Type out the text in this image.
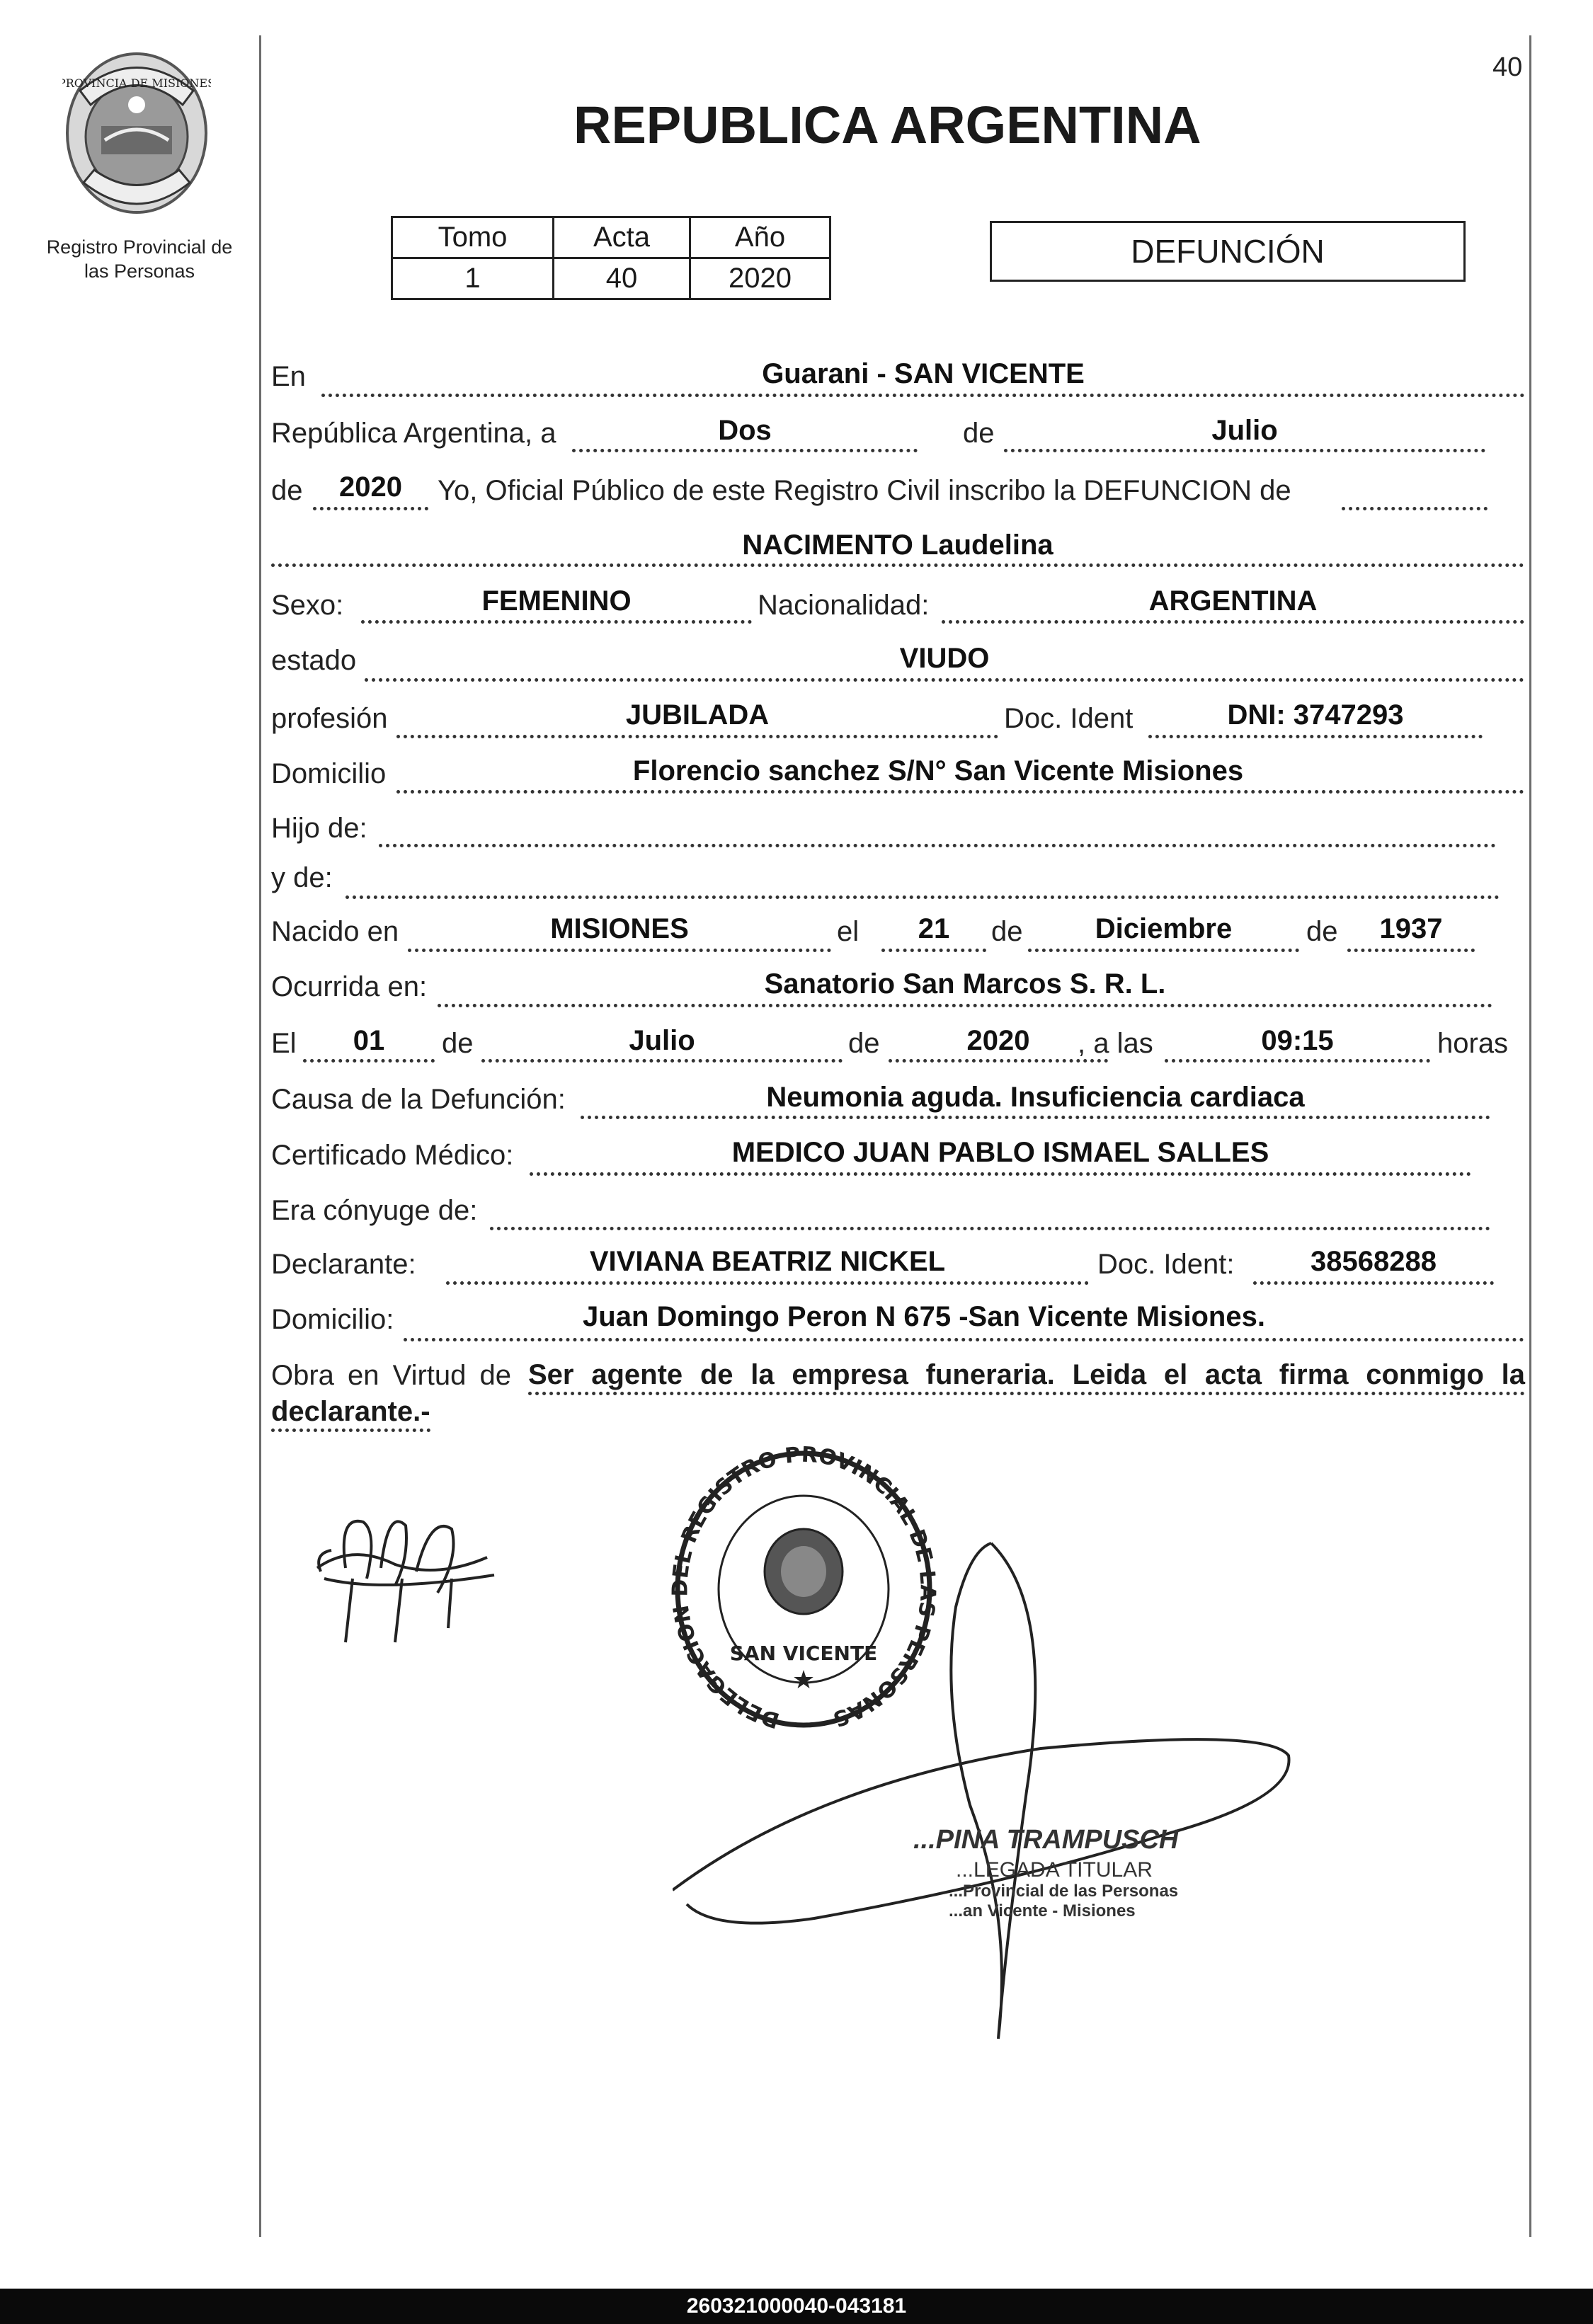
40
PROVINCIA DE MISIONES
Registro Provincial de
las Personas
REPUBLICA ARGENTINA
Tomo	Acta	Año
1	40	2020
DEFUNCIÓN
En	Guarani - SAN VICENTE
República Argentina, a	Dos	de	Julio
de	2020	Yo, Oficial Público de este Registro Civil inscribo la DEFUNCION de
NACIMENTO Laudelina
Sexo:	FEMENINO	Nacionalidad:	ARGENTINA
estado	VIUDO
profesión	JUBILADA	Doc. Ident	DNI: 3747293
Domicilio	Florencio sanchez S/N° San Vicente Misiones
Hijo de:
y de:
Nacido en	MISIONES	el	21	de	Diciembre	de	1937
Ocurrida en:	Sanatorio San Marcos S. R. L.
El	01	de	Julio	de	2020	, a las	09:15	horas
Causa de la Defunción:	Neumonia aguda. Insuficiencia cardiaca
Certificado Médico:	MEDICO JUAN PABLO ISMAEL SALLES
Era cónyuge de:
Declarante:	VIVIANA BEATRIZ NICKEL	Doc. Ident:	38568288
Domicilio:	Juan Domingo Peron N 675 -San Vicente Misiones.
Obra en Virtud de Ser agente de la empresa funeraria. Leida el acta firma conmigo la
declarante.-
DELEGACION DEL REGISTRO PROVINCIAL DE LAS PERSONAS
SAN VICENTE
★
...PINA TRAMPUSCH
...LEGADA TITULAR
...Provincial de las Personas
...an Vicente - Misiones
260321000040-043181
